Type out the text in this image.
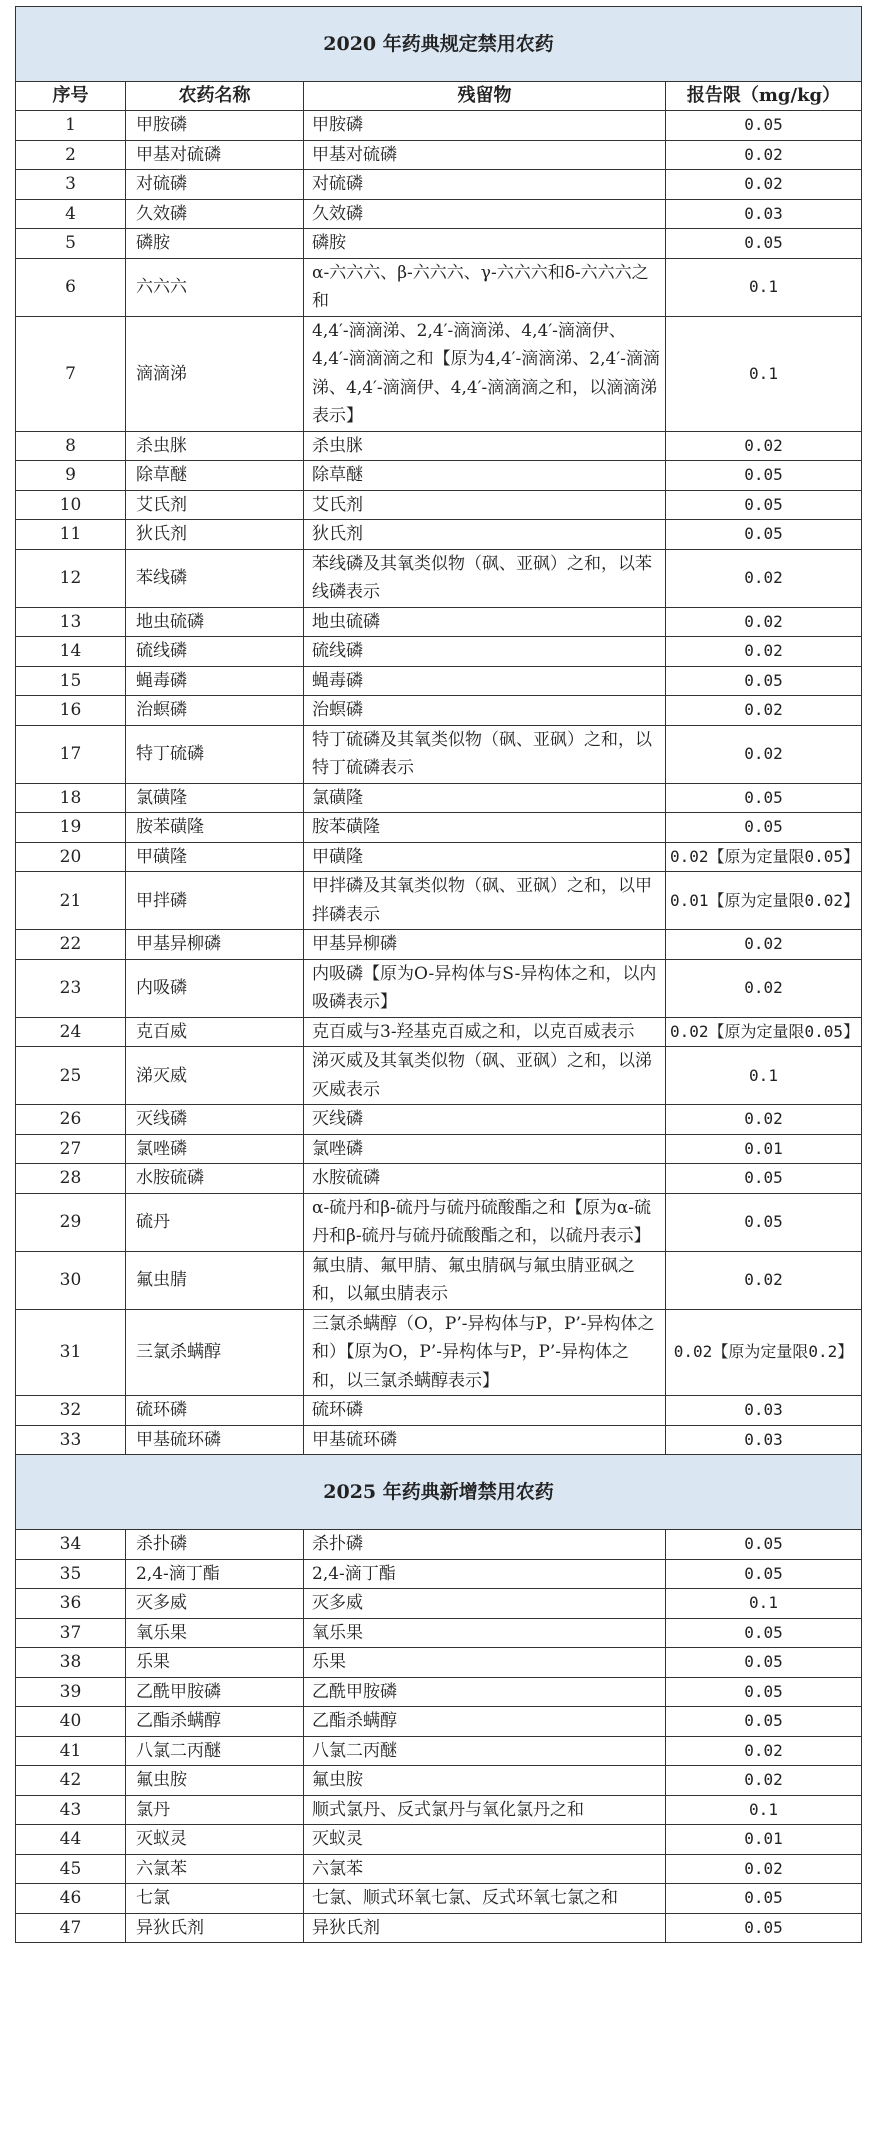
2020 年药典规定禁用农药			
序号	农药名称	残留物	报告限（mg/kg）
1	甲胺磷	甲胺磷	0.05
2	甲基对硫磷	甲基对硫磷	0.02
3	对硫磷	对硫磷	0.02
4	久效磷	久效磷	0.03
5	磷胺	磷胺	0.05
6	六六六	α-六六六、β-六六六、γ-六六六和δ-六六六之和	0.1
7	滴滴涕	4,4′-滴滴涕、2,4′-滴滴涕、4,4′-滴滴伊、4,4′-滴滴滴之和【原为4,4′-滴滴涕、2,4′-滴滴涕、4,4′-滴滴伊、4,4′-滴滴滴之和，以滴滴涕表示】	0.1
8	杀虫脒	杀虫脒	0.02
9	除草醚	除草醚	0.05
10	艾氏剂	艾氏剂	0.05
11	狄氏剂	狄氏剂	0.05
12	苯线磷	苯线磷及其氧类似物（砜、亚砜）之和，以苯线磷表示	0.02
13	地虫硫磷	地虫硫磷	0.02
14	硫线磷	硫线磷	0.02
15	蝇毒磷	蝇毒磷	0.05
16	治螟磷	治螟磷	0.02
17	特丁硫磷	特丁硫磷及其氧类似物（砜、亚砜）之和，以特丁硫磷表示	0.02
18	氯磺隆	氯磺隆	0.05
19	胺苯磺隆	胺苯磺隆	0.05
20	甲磺隆	甲磺隆	0.02【原为定量限0.05】
21	甲拌磷	甲拌磷及其氧类似物（砜、亚砜）之和，以甲拌磷表示	0.01【原为定量限0.02】
22	甲基异柳磷	甲基异柳磷	0.02
23	内吸磷	内吸磷【原为O-异构体与S-异构体之和，以内吸磷表示】	0.02
24	克百威	克百威与3-羟基克百威之和，以克百威表示	0.02【原为定量限0.05】
25	涕灭威	涕灭威及其氧类似物（砜、亚砜）之和，以涕灭威表示	0.1
26	灭线磷	灭线磷	0.02
27	氯唑磷	氯唑磷	0.01
28	水胺硫磷	水胺硫磷	0.05
29	硫丹	α-硫丹和β-硫丹与硫丹硫酸酯之和【原为α-硫丹和β-硫丹与硫丹硫酸酯之和，以硫丹表示】	0.05
30	氟虫腈	氟虫腈、氟甲腈、氟虫腈砜与氟虫腈亚砜之和，以氟虫腈表示	0.02
31	三氯杀螨醇	三氯杀螨醇（O，P’-异构体与P，P’-异构体之和）【原为O，P’-异构体与P，P’-异构体之和，以三氯杀螨醇表示】	0.02【原为定量限0.2】
32	硫环磷	硫环磷	0.03
33	甲基硫环磷	甲基硫环磷	0.03
2025 年药典新增禁用农药			
34	杀扑磷	杀扑磷	0.05
35	2,4-滴丁酯	2,4-滴丁酯	0.05
36	灭多威	灭多威	0.1
37	氧乐果	氧乐果	0.05
38	乐果	乐果	0.05
39	乙酰甲胺磷	乙酰甲胺磷	0.05
40	乙酯杀螨醇	乙酯杀螨醇	0.05
41	八氯二丙醚	八氯二丙醚	0.02
42	氟虫胺	氟虫胺	0.02
43	氯丹	顺式氯丹、反式氯丹与氧化氯丹之和	0.1
44	灭蚁灵	灭蚁灵	0.01
45	六氯苯	六氯苯	0.02
46	七氯	七氯、顺式环氧七氯、反式环氧七氯之和	0.05
47	异狄氏剂	异狄氏剂	0.05
